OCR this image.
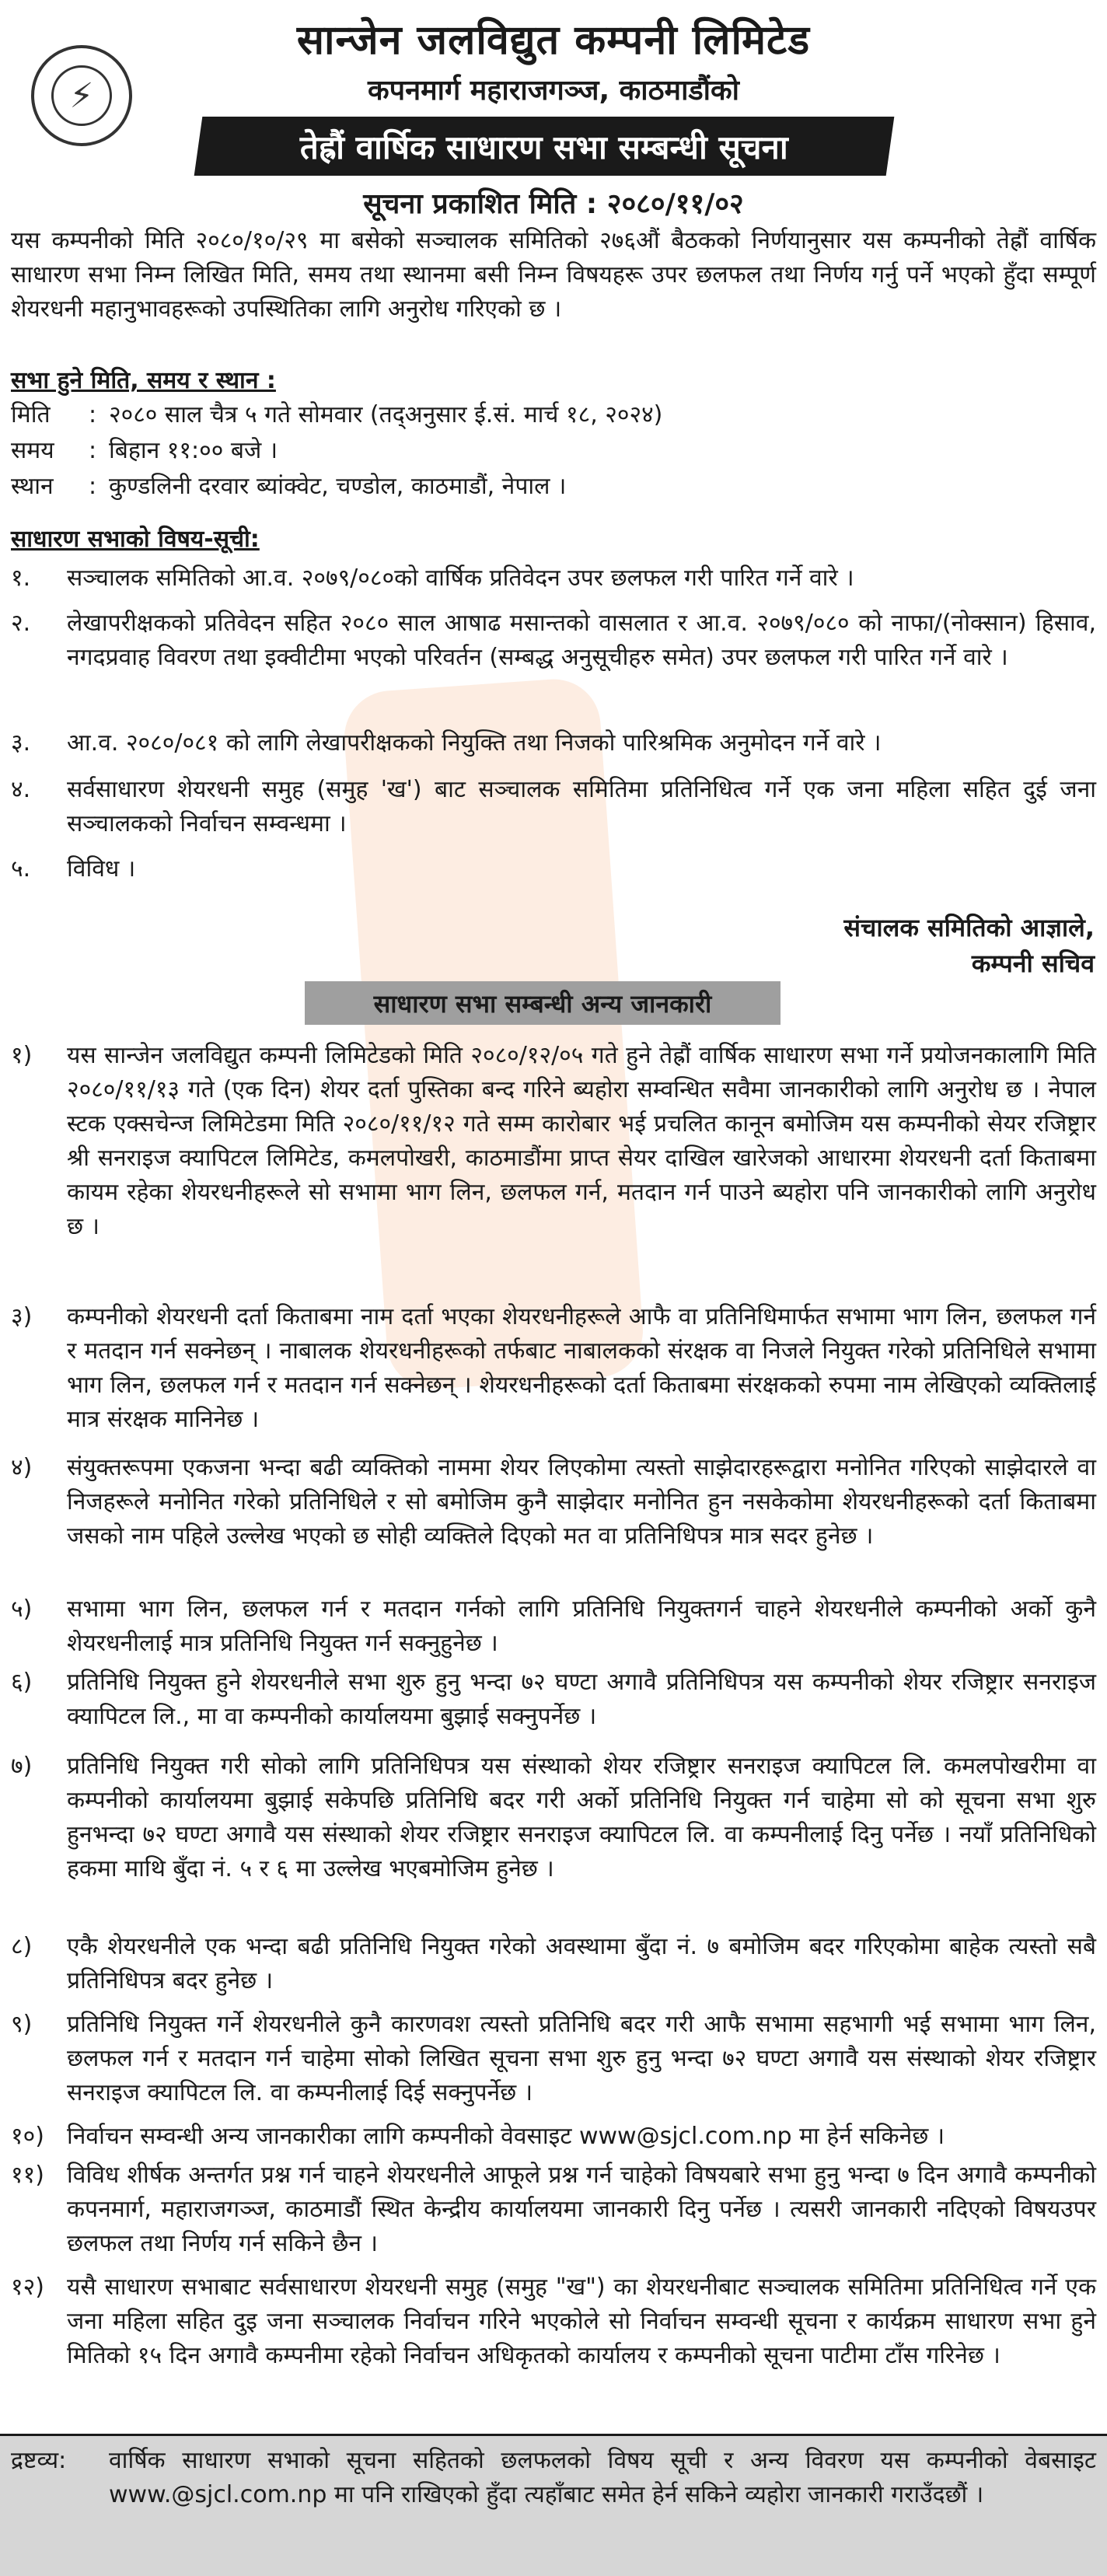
⚡
सान्जेन जलविद्युत कम्पनी लिमिटेड
कपनमार्ग महाराजगञ्ज, काठमाडौंको
तेह्रौं वार्षिक साधारण सभा सम्बन्धी सूचना
सूचना प्रकाशित मिति : २०८०/११/०२
यस कम्पनीको मिति २०८०/१०/२९ मा बसेको सञ्चालक समितिको २७६औं बैठकको निर्णयानुसार यस कम्पनीको तेह्रौं वार्षिक साधारण सभा निम्न लिखित मिति, समय तथा स्थानमा बसी निम्न विषयहरू उपर छलफल तथा निर्णय गर्नु पर्ने भएको हुँदा सम्पूर्ण शेयरधनी महानुभावहरूको उपस्थितिका लागि अनुरोध गरिएको छ ।
सभा हुने मिति, समय र स्थान :
मिति : २०८० साल चैत्र ५ गते सोमवार (तद्अनुसार ई.सं. मार्च १८, २०२४)
समय : बिहान ११:०० बजे ।
स्थान : कुण्डलिनी दरवार ब्यांक्वेट, चण्डोल, काठमाडौं, नेपाल ।
साधारण सभाको विषय-सूची:
१.	सञ्चालक समितिको आ.व. २०७९/०८०को वार्षिक प्रतिवेदन उपर छलफल गरी पारित गर्ने वारे ।
२.	लेखापरीक्षकको प्रतिवेदन सहित २०८० साल आषाढ मसान्तको वासलात र आ.व. २०७९/०८० को नाफा/(नोक्सान) हिसाव, नगदप्रवाह विवरण तथा इक्वीटीमा भएको परिवर्तन (सम्बद्ध अनुसूचीहरु समेत) उपर छलफल गरी पारित गर्ने वारे ।
३.	आ.व. २०८०/०८१ को लागि लेखापरीक्षकको नियुक्ति तथा निजको पारिश्रमिक अनुमोदन गर्ने वारे ।
४.	सर्वसाधारण शेयरधनी समुह (समुह 'ख') बाट सञ्चालक समितिमा प्रतिनिधित्व गर्ने एक जना महिला सहित दुई जना सञ्चालकको निर्वाचन सम्वन्धमा ।
५.	विविध ।
संचालक समितिको आज्ञाले,
कम्पनी सचिव
साधारण सभा सम्बन्धी अन्य जानकारी
१)	यस सान्जेन जलविद्युत कम्पनी लिमिटेडको मिति २०८०/१२/०५ गते हुने तेह्रौं वार्षिक साधारण सभा गर्ने प्रयोजनकालागि मिति २०८०/११/१३ गते (एक दिन) शेयर दर्ता पुस्तिका बन्द गरिने ब्यहोरा सम्वन्धित सवैमा जानकारीको लागि अनुरोध छ । नेपाल स्टक एक्सचेन्ज लिमिटेडमा मिति २०८०/११/१२ गते सम्म कारोबार भई प्रचलित कानून बमोजिम यस कम्पनीको सेयर रजिष्ट्रार श्री सनराइज क्यापिटल लिमिटेड, कमलपोखरी, काठमाडौंमा प्राप्त सेयर दाखिल खारेजको आधारमा शेयरधनी दर्ता किताबमा कायम रहेका शेयरधनीहरूले सो सभामा भाग लिन, छलफल गर्न, मतदान गर्न पाउने ब्यहोरा पनि जानकारीको लागि अनुरोध छ ।
३)	कम्पनीको शेयरधनी दर्ता किताबमा नाम दर्ता भएका शेयरधनीहरूले आफै वा प्रतिनिधिमार्फत सभामा भाग लिन, छलफल गर्न र मतदान गर्न सक्नेछन् । नाबालक शेयरधनीहरूको तर्फबाट नाबालकको संरक्षक वा निजले नियुक्त गरेको प्रतिनिधिले सभामा भाग लिन, छलफल गर्न र मतदान गर्न सक्नेछन् । शेयरधनीहरूको दर्ता किताबमा संरक्षकको रुपमा नाम लेखिएको व्यक्तिलाई मात्र संरक्षक मानिनेछ ।
४)	संयुक्तरूपमा एकजना भन्दा बढी व्यक्तिको नाममा शेयर लिएकोमा त्यस्तो साझेदारहरूद्वारा मनोनित गरिएको साझेदारले वा निजहरूले मनोनित गरेको प्रतिनिधिले र सो बमोजिम कुनै साझेदार मनोनित हुन नसकेकोमा शेयरधनीहरूको दर्ता किताबमा जसको नाम पहिले उल्लेख भएको छ सोही व्यक्तिले दिएको मत वा प्रतिनिधिपत्र मात्र सदर हुनेछ ।
५)	सभामा भाग लिन, छलफल गर्न र मतदान गर्नको लागि प्रतिनिधि नियुक्तगर्न चाहने शेयरधनीले कम्पनीको अर्को कुनै शेयरधनीलाई मात्र प्रतिनिधि नियुक्त गर्न सक्नुहुनेछ ।
६)	प्रतिनिधि नियुक्त हुने शेयरधनीले सभा शुरु हुनु भन्दा ७२ घण्टा अगावै प्रतिनिधिपत्र यस कम्पनीको शेयर रजिष्ट्रार सनराइज क्यापिटल लि., मा वा कम्पनीको कार्यालयमा बुझाई सक्नुपर्नेछ ।
७)	प्रतिनिधि नियुक्त गरी सोको लागि प्रतिनिधिपत्र यस संस्थाको शेयर रजिष्ट्रार सनराइज क्यापिटल लि. कमलपोखरीमा वा कम्पनीको कार्यालयमा बुझाई सकेपछि प्रतिनिधि बदर गरी अर्को प्रतिनिधि नियुक्त गर्न चाहेमा सो को सूचना सभा शुरु हुनभन्दा ७२ घण्टा अगावै यस संस्थाको शेयर रजिष्ट्रार सनराइज क्यापिटल लि. वा कम्पनीलाई दिनु पर्नेछ । नयाँ प्रतिनिधिको हकमा माथि बुँदा नं. ५ र ६ मा उल्लेख भएबमोजिम हुनेछ ।
८)	एकै शेयरधनीले एक भन्दा बढी प्रतिनिधि नियुक्त गरेको अवस्थामा बुँदा नं. ७ बमोजिम बदर गरिएकोमा बाहेक त्यस्तो सबै प्रतिनिधिपत्र बदर हुनेछ ।
९)	प्रतिनिधि नियुक्त गर्ने शेयरधनीले कुनै कारणवश त्यस्तो प्रतिनिधि बदर गरी आफै सभामा सहभागी भई सभामा भाग लिन, छलफल गर्न र मतदान गर्न चाहेमा सोको लिखित सूचना सभा शुरु हुनु भन्दा ७२ घण्टा अगावै यस संस्थाको शेयर रजिष्ट्रार सनराइज क्यापिटल लि. वा कम्पनीलाई दिई सक्नुपर्नेछ ।
१०) निर्वाचन सम्वन्धी अन्य जानकारीका लागि कम्पनीको वेवसाइट www@sjcl.com.np मा हेर्न सकिनेछ ।
११) विविध शीर्षक अन्तर्गत प्रश्न गर्न चाहने शेयरधनीले आफूले प्रश्न गर्न चाहेको विषयबारे सभा हुनु भन्दा ७ दिन अगावै कम्पनीको कपनमार्ग, महाराजगञ्ज, काठमाडौं स्थित केन्द्रीय कार्यालयमा जानकारी दिनु पर्नेछ । त्यसरी जानकारी नदिएको विषयउपर छलफल तथा निर्णय गर्न सकिने छैन ।
१२) यसै साधारण सभाबाट सर्वसाधारण शेयरधनी समुह (समुह "ख") का शेयरधनीबाट सञ्चालक समितिमा प्रतिनिधित्व गर्ने एक जना महिला सहित दुइ जना सञ्चालक निर्वाचन गरिने भएकोले सो निर्वाचन सम्वन्धी सूचना र कार्यक्रम साधारण सभा हुने मितिको १५ दिन अगावै कम्पनीमा रहेको निर्वाचन अधिकृतको कार्यालय र कम्पनीको सूचना पाटीमा टाँस गरिनेछ ।
द्रष्टव्य: वार्षिक साधारण सभाको सूचना सहितको छलफलको विषय सूची र अन्य विवरण यस कम्पनीको वेबसाइट www.@sjcl.com.np मा पनि राखिएको हुँदा त्यहाँबाट समेत हेर्न सकिने व्यहोरा जानकारी गराउँदछौं ।
